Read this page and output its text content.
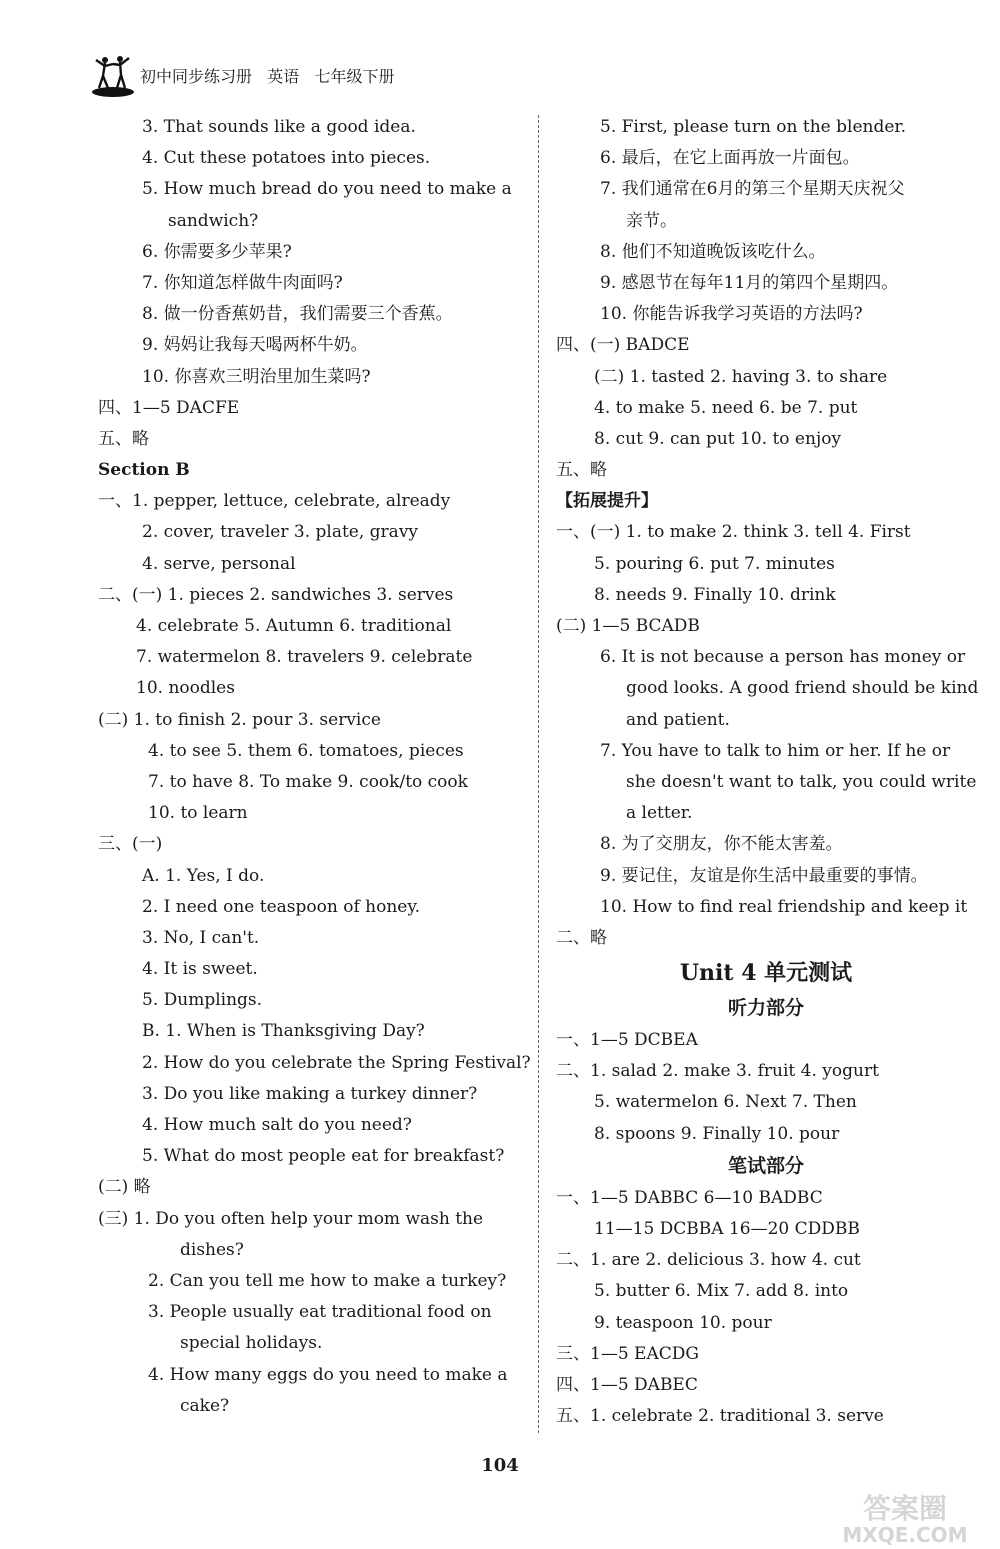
初中同步练习册   英语   七年级下册
3. That sounds like a good idea.
4. Cut these potatoes into pieces.
5. How much bread do you need to make a
sandwich?
6. 你需要多少苹果?
7. 你知道怎样做牛肉面吗?
8. 做一份香蕉奶昔，我们需要三个香蕉。
9. 妈妈让我每天喝两杯牛奶。
10. 你喜欢三明治里加生菜吗?
四、1—5 DACFE
五、略
Section B
一、1. pepper, lettuce, celebrate, already
2. cover, traveler 3. plate, gravy
4. serve, personal
二、(一) 1. pieces 2. sandwiches 3. serves
4. celebrate 5. Autumn 6. traditional
7. watermelon 8. travelers 9. celebrate
10. noodles
(二) 1. to finish 2. pour 3. service
4. to see 5. them 6. tomatoes, pieces
7. to have 8. To make 9. cook/to cook
10. to learn
三、(一)
A. 1. Yes, I do.
2. I need one teaspoon of honey.
3. No, I can't.
4. It is sweet.
5. Dumplings.
B. 1. When is Thanksgiving Day?
2. How do you celebrate the Spring Festival?
3. Do you like making a turkey dinner?
4. How much salt do you need?
5. What do most people eat for breakfast?
(二) 略
(三) 1. Do you often help your mom wash the
dishes?
2. Can you tell me how to make a turkey?
3. People usually eat traditional food on
special holidays.
4. How many eggs do you need to make a
cake?
5. First, please turn on the blender.
6. 最后，在它上面再放一片面包。
7. 我们通常在6月的第三个星期天庆祝父
亲节。
8. 他们不知道晚饭该吃什么。
9. 感恩节在每年11月的第四个星期四。
10. 你能告诉我学习英语的方法吗?
四、(一) BADCE
(二) 1. tasted 2. having 3. to share
4. to make 5. need 6. be 7. put
8. cut 9. can put 10. to enjoy
五、略
【拓展提升】
一、(一) 1. to make 2. think 3. tell 4. First
5. pouring 6. put 7. minutes
8. needs 9. Finally 10. drink
(二) 1—5 BCADB
6. It is not because a person has money or
good looks. A good friend should be kind
and patient.
7. You have to talk to him or her. If he or
she doesn't want to talk, you could write
a letter.
8. 为了交朋友，你不能太害羞。
9. 要记住，友谊是你生活中最重要的事情。
10. How to find real friendship and keep it
二、略
Unit 4 单元测试
听力部分
一、1—5 DCBEA
二、1. salad 2. make 3. fruit 4. yogurt
5. watermelon 6. Next 7. Then
8. spoons 9. Finally 10. pour
笔试部分
一、1—5 DABBC 6—10 BADBC
11—15 DCBBA 16—20 CDDBB
二、1. are 2. delicious 3. how 4. cut
5. butter 6. Mix 7. add 8. into
9. teaspoon 10. pour
三、1—5 EACDG
四、1—5 DABEC
五、1. celebrate 2. traditional 3. serve
104
答案圈
MXQE.COM
